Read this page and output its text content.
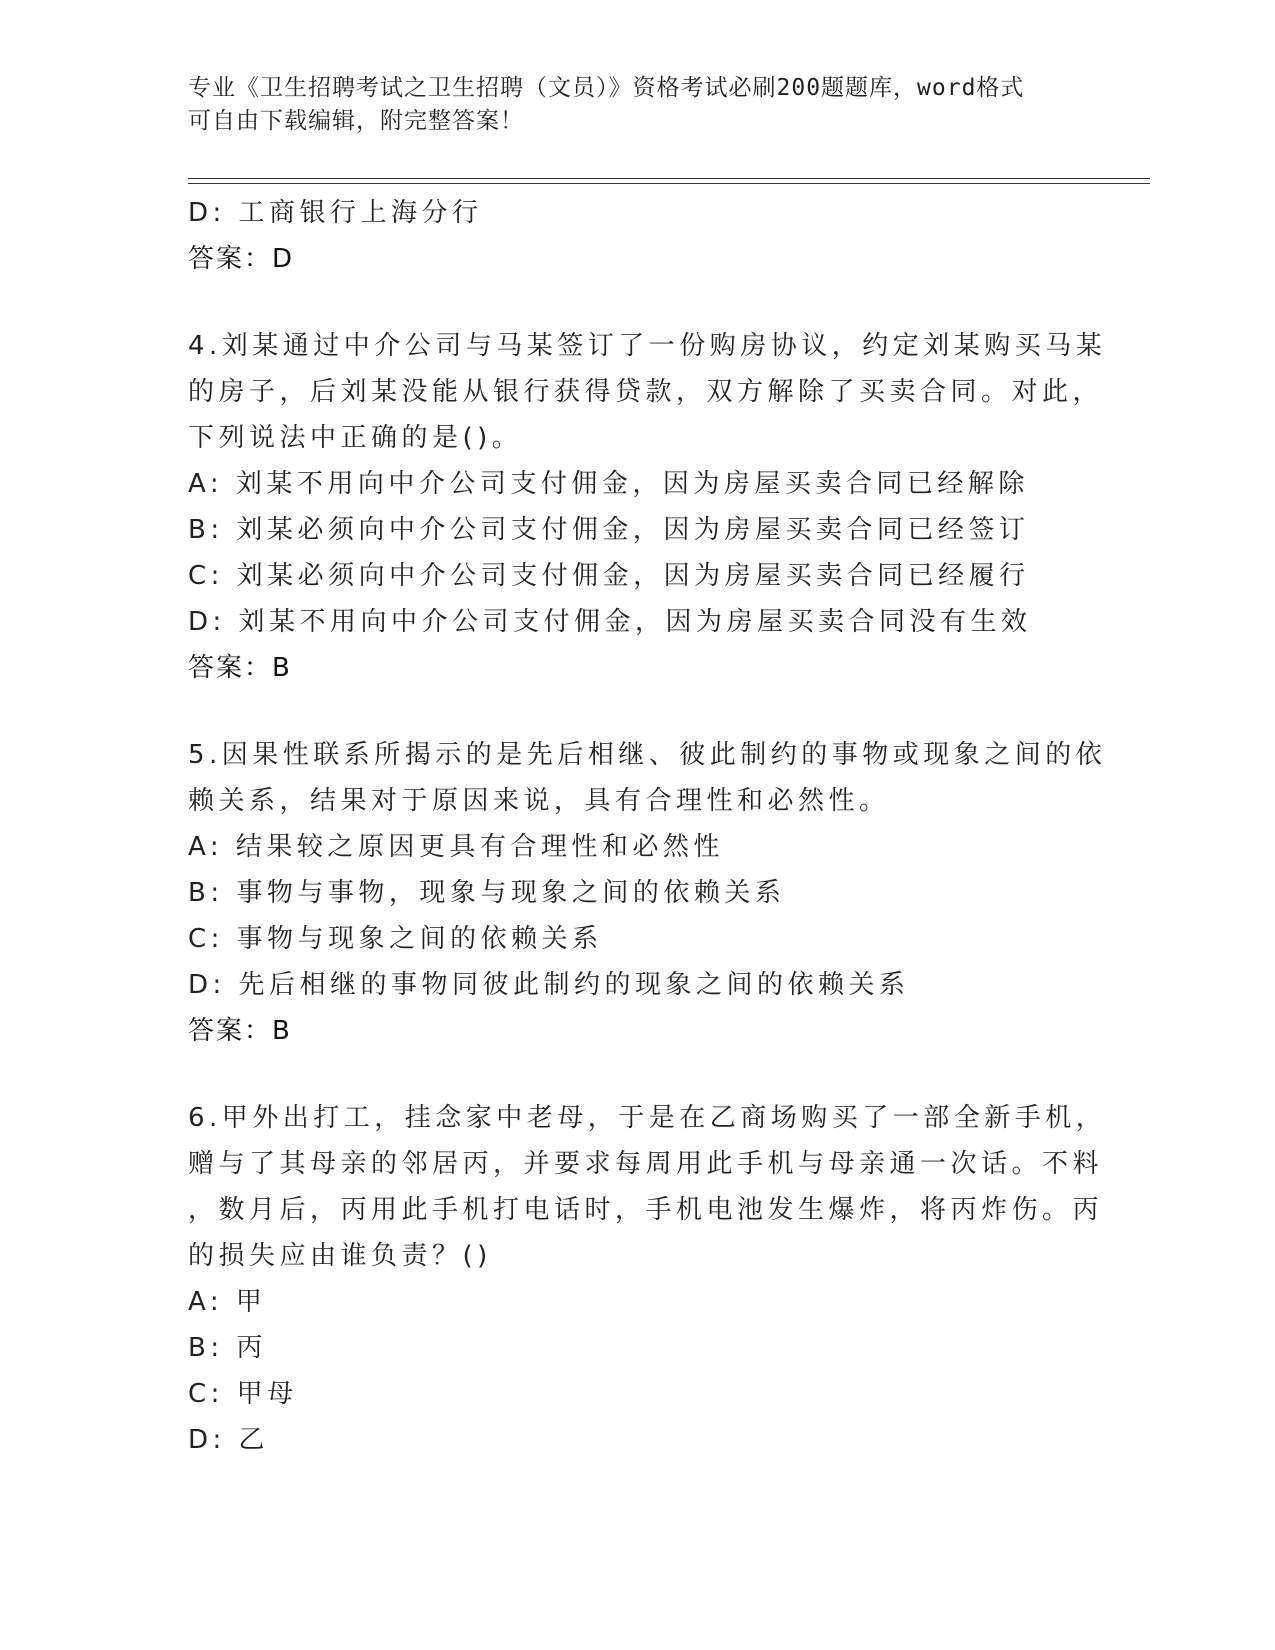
专业《卫生招聘考试之卫生招聘（文员）》资格考试必刷200题题库，word格式
可自由下载编辑，附完整答案！
D: 工商银行上海分行
答案：D
4.刘某通过中介公司与马某签订了一份购房协议，约定刘某购买马某
的房子，后刘某没能从银行获得贷款，双方解除了买卖合同。对此，
下列说法中正确的是()。
A: 刘某不用向中介公司支付佣金，因为房屋买卖合同已经解除
B: 刘某必须向中介公司支付佣金，因为房屋买卖合同已经签订
C: 刘某必须向中介公司支付佣金，因为房屋买卖合同已经履行
D: 刘某不用向中介公司支付佣金，因为房屋买卖合同没有生效
答案：B
5.因果性联系所揭示的是先后相继、彼此制约的事物或现象之间的依
赖关系，结果对于原因来说，具有合理性和必然性。
A: 结果较之原因更具有合理性和必然性
B: 事物与事物，现象与现象之间的依赖关系
C: 事物与现象之间的依赖关系
D: 先后相继的事物同彼此制约的现象之间的依赖关系
答案：B
6.甲外出打工，挂念家中老母，于是在乙商场购买了一部全新手机，
赠与了其母亲的邻居丙，并要求每周用此手机与母亲通一次话。不料
，数月后，丙用此手机打电话时，手机电池发生爆炸，将丙炸伤。丙
的损失应由谁负责？()
A: 甲
B: 丙
C: 甲母
D: 乙
